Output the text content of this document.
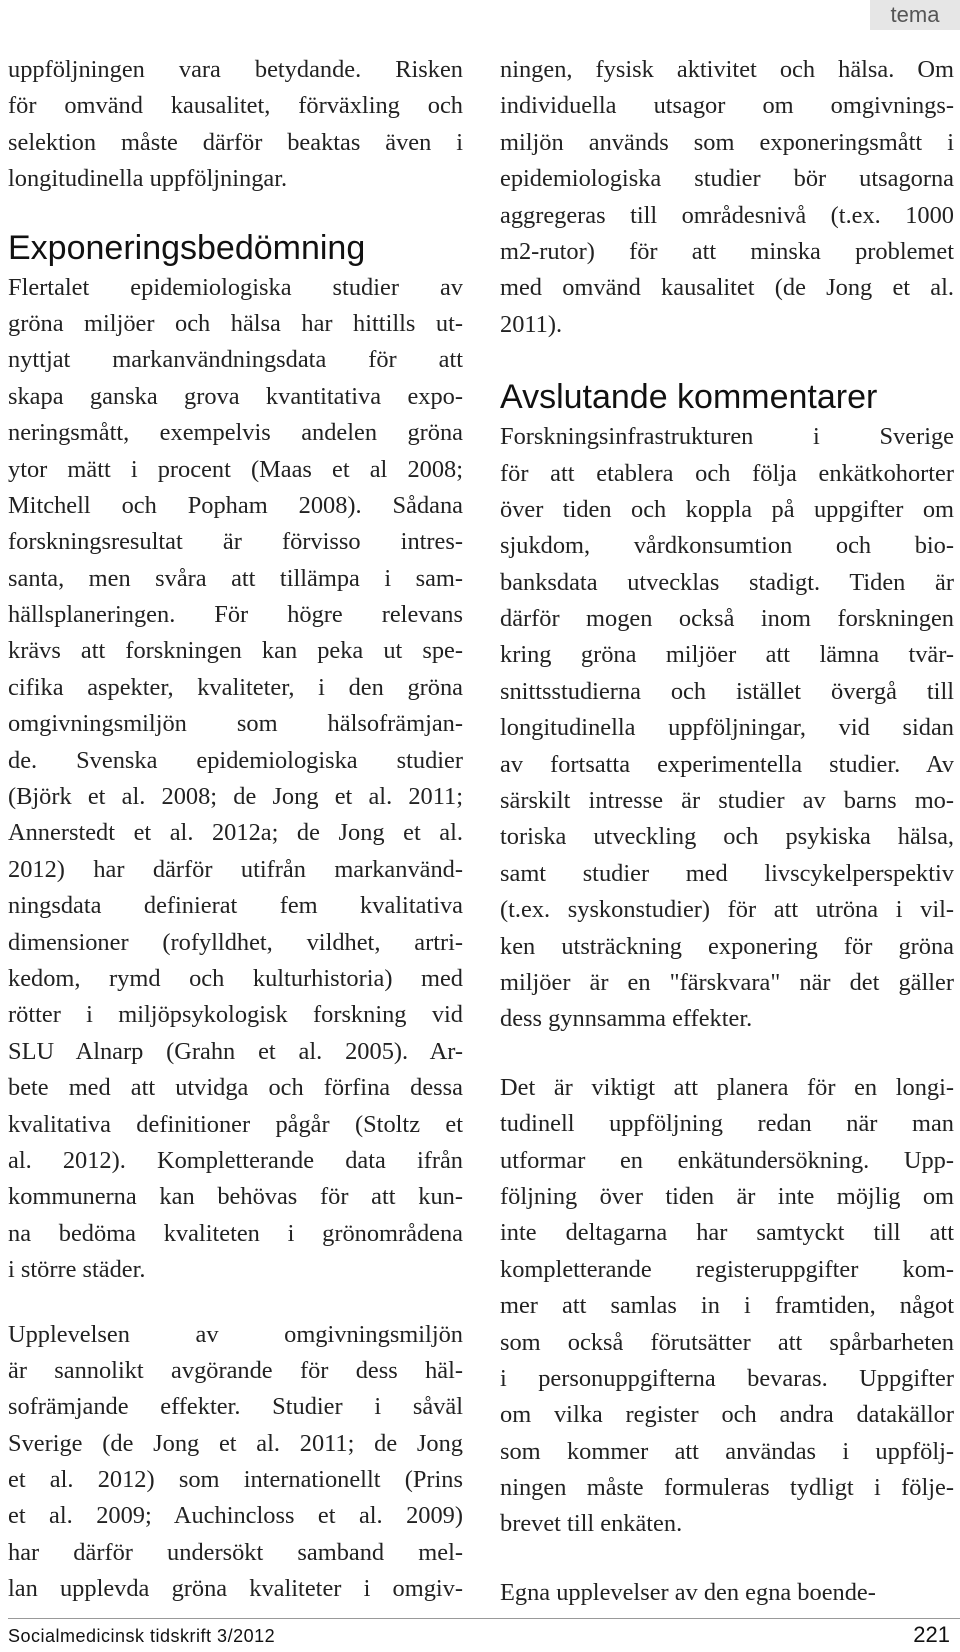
tema
uppföljningen vara betydande. Risken
för omvänd kausalitet, förväxling och
selektion måste därför beaktas även i
longitudinella uppföljningar.
Exponeringsbedömning
Flertalet epidemiologiska studier av
gröna miljöer och hälsa har hittills ut-
nyttjat markanvändningsdata för att
skapa ganska grova kvantitativa expo-
neringsmått, exempelvis andelen gröna
ytor mätt i procent (Maas et al 2008;
Mitchell och Popham 2008). Sådana
forskningsresultat är förvisso intres-
santa, men svåra att tillämpa i sam-
hällsplaneringen. För högre relevans
krävs att forskningen kan peka ut spe-
cifika aspekter, kvaliteter, i den gröna
omgivningsmiljön som hälsofrämjan-
de. Svenska epidemiologiska studier
(Björk et al. 2008; de Jong et al. 2011;
Annerstedt et al. 2012a; de Jong et al.
2012) har därför utifrån markanvänd-
ningsdata definierat fem kvalitativa
dimensioner (rofylldhet, vildhet, artri-
kedom, rymd och kulturhistoria) med
rötter i miljöpsykologisk forskning vid
SLU Alnarp (Grahn et al. 2005). Ar-
bete med att utvidga och förfina dessa
kvalitativa definitioner pågår (Stoltz et
al. 2012). Kompletterande data ifrån
kommunerna kan behövas för att kun-
na bedöma kvaliteten i grönområdena
i större städer.
Upplevelsen av omgivningsmiljön
är sannolikt avgörande för dess häl-
sofrämjande effekter. Studier i såväl
Sverige (de Jong et al. 2011; de Jong
et al. 2012) som internationellt (Prins
et al. 2009; Auchincloss et al. 2009)
har därför undersökt samband mel-
lan upplevda gröna kvaliteter i omgiv-
ningen, fysisk aktivitet och hälsa. Om
individuella utsagor om omgivnings-
miljön används som exponeringsmått i
epidemiologiska studier bör utsagorna
aggregeras till områdesnivå (t.ex. 1000
m2-rutor) för att minska problemet
med omvänd kausalitet (de Jong et al.
2011).
Avslutande kommentarer
Forskningsinfrastrukturen i Sverige
för att etablera och följa enkätkohorter
över tiden och koppla på uppgifter om
sjukdom, vårdkonsumtion och bio-
banksdata utvecklas stadigt. Tiden är
därför mogen också inom forskningen
kring gröna miljöer att lämna tvär-
snittsstudierna och istället övergå till
longitudinella uppföljningar, vid sidan
av fortsatta experimentella studier. Av
särskilt intresse är studier av barns mo-
toriska utveckling och psykiska hälsa,
samt studier med livscykelperspektiv
(t.ex. syskonstudier) för att utröna i vil-
ken utsträckning exponering för gröna
miljöer är en "färskvara" när det gäller
dess gynnsamma effekter.
Det är viktigt att planera för en longi-
tudinell uppföljning redan när man
utformar en enkätundersökning. Upp-
följning över tiden är inte möjlig om
inte deltagarna har samtyckt till att
kompletterande registeruppgifter kom-
mer att samlas in i framtiden, något
som också förutsätter att spårbarheten
i personuppgifterna bevaras. Uppgifter
om vilka register och andra datakällor
som kommer att användas i uppfölj-
ningen måste formuleras tydligt i följe-
brevet till enkäten.
Egna upplevelser av den egna boende-
Socialmedicinsk tidskrift 3/2012	221
